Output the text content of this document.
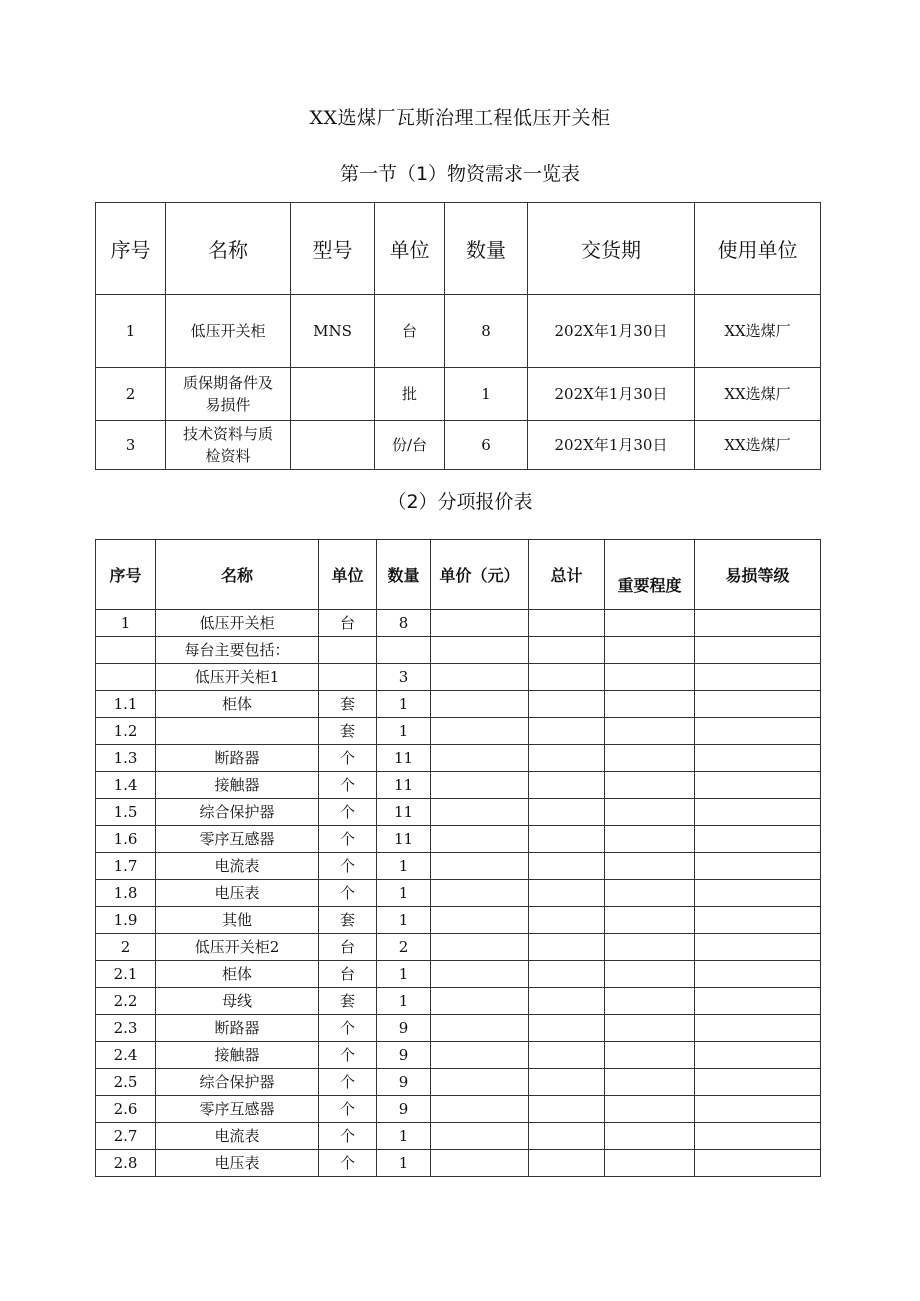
XX选煤厂瓦斯治理工程低压开关柜
第一节（1）物资需求一览表
序号	名称	型号	单位	数量	交货期	使用单位
1	低压开关柜	MNS	台	8	202X年1月30日	XX选煤厂
2	质保期备件及易损件		批	1	202X年1月30日	XX选煤厂
3	技术资料与质检资料		份/台	6	202X年1月30日	XX选煤厂
（2）分项报价表
序号	名称	单位	数量	单价（元）	总计	重要程度	易损等级
1	低压开关柜	台	8				
	每台主要包括：						
	低压开关柜1		3				
1.1	柜体	套	1				
1.2		套	1				
1.3	断路器	个	11				
1.4	接触器	个	11				
1.5	综合保护器	个	11				
1.6	零序互感器	个	11				
1.7	电流表	个	1				
1.8	电压表	个	1				
1.9	其他	套	1				
2	低压开关柜2	台	2				
2.1	柜体	台	1				
2.2	母线	套	1				
2.3	断路器	个	9				
2.4	接触器	个	9				
2.5	综合保护器	个	9				
2.6	零序互感器	个	9				
2.7	电流表	个	1				
2.8	电压表	个	1				
